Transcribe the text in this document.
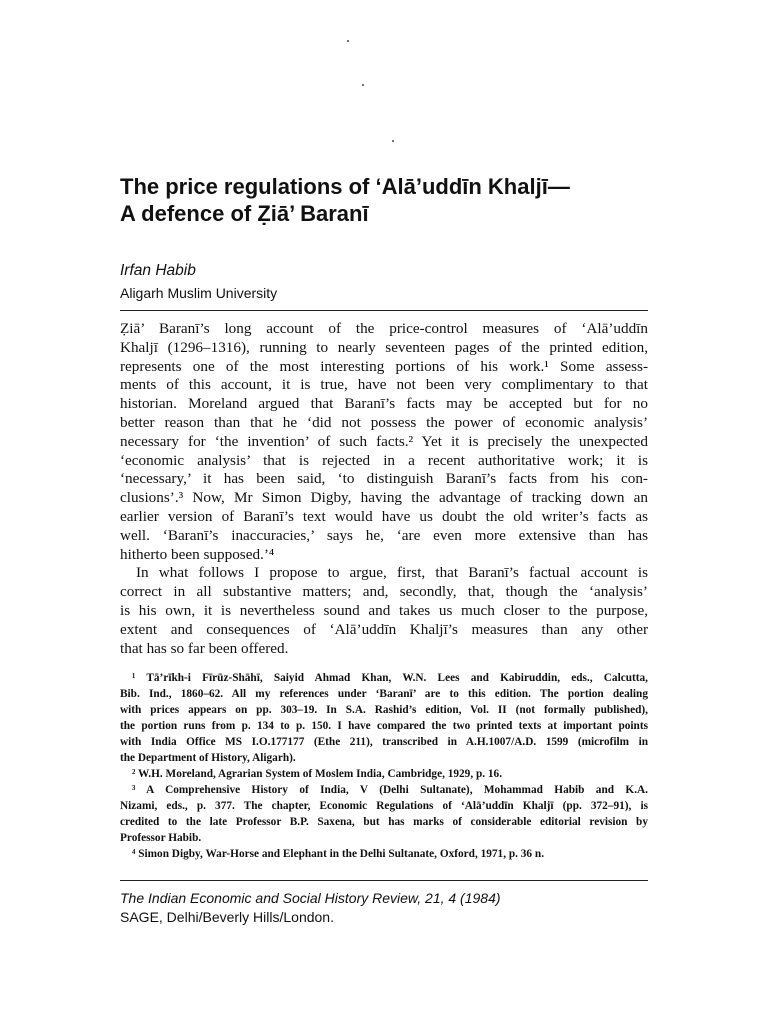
The price regulations of ‘Alā’uddīn Khaljī—
A defence of Ẓiā’ Baranī
Irfan Habib
Aligarh Muslim University
Ẓiā’ Baranī’s long account of the price-control measures of ‘Alā’uddīn
Khaljī (1296–1316), running to nearly seventeen pages of the printed edition,
represents one of the most interesting portions of his work.¹ Some assess-
ments of this account, it is true, have not been very complimentary to that
historian. Moreland argued that Baranī’s facts may be accepted but for no
better reason than that he ‘did not possess the power of economic analysis’
necessary for ‘the invention’ of such facts.² Yet it is precisely the unexpected
‘economic analysis’ that is rejected in a recent authoritative work; it is
‘necessary,’ it has been said, ‘to distinguish Baranī’s facts from his con-
clusions’.³ Now, Mr Simon Digby, having the advantage of tracking down an
earlier version of Baranī’s text would have us doubt the old writer’s facts as
well. ‘Baranī’s inaccuracies,’ says he, ‘are even more extensive than has
hitherto been supposed.’⁴
In what follows I propose to argue, first, that Baranī’s factual account is
correct in all substantive matters; and, secondly, that, though the ‘analysis’
is his own, it is nevertheless sound and takes us much closer to the purpose,
extent and consequences of ‘Alā’uddīn Khaljī’s measures than any other
that has so far been offered.
¹ Tā’rīkh-i Fīrūz-Shāhī, Saiyid Ahmad Khan, W.N. Lees and Kabiruddin, eds., Calcutta,
Bib. Ind., 1860–62. All my references under ‘Baranī’ are to this edition. The portion dealing
with prices appears on pp. 303–19. In S.A. Rashid’s edition, Vol. II (not formally published),
the portion runs from p. 134 to p. 150. I have compared the two printed texts at important points
with India Office MS I.O.177177 (Ethe 211), transcribed in A.H.1007/A.D. 1599 (microfilm in
the Department of History, Aligarh).
² W.H. Moreland, Agrarian System of Moslem India, Cambridge, 1929, p. 16.
³ A Comprehensive History of India, V (Delhi Sultanate), Mohammad Habib and K.A.
Nizami, eds., p. 377. The chapter, Economic Regulations of ‘Alā’uddīn Khaljī (pp. 372–91), is
credited to the late Professor B.P. Saxena, but has marks of considerable editorial revision by
Professor Habib.
⁴ Simon Digby, War-Horse and Elephant in the Delhi Sultanate, Oxford, 1971, p. 36 n.
The Indian Economic and Social History Review, 21, 4 (1984)
SAGE, Delhi/Beverly Hills/London.
